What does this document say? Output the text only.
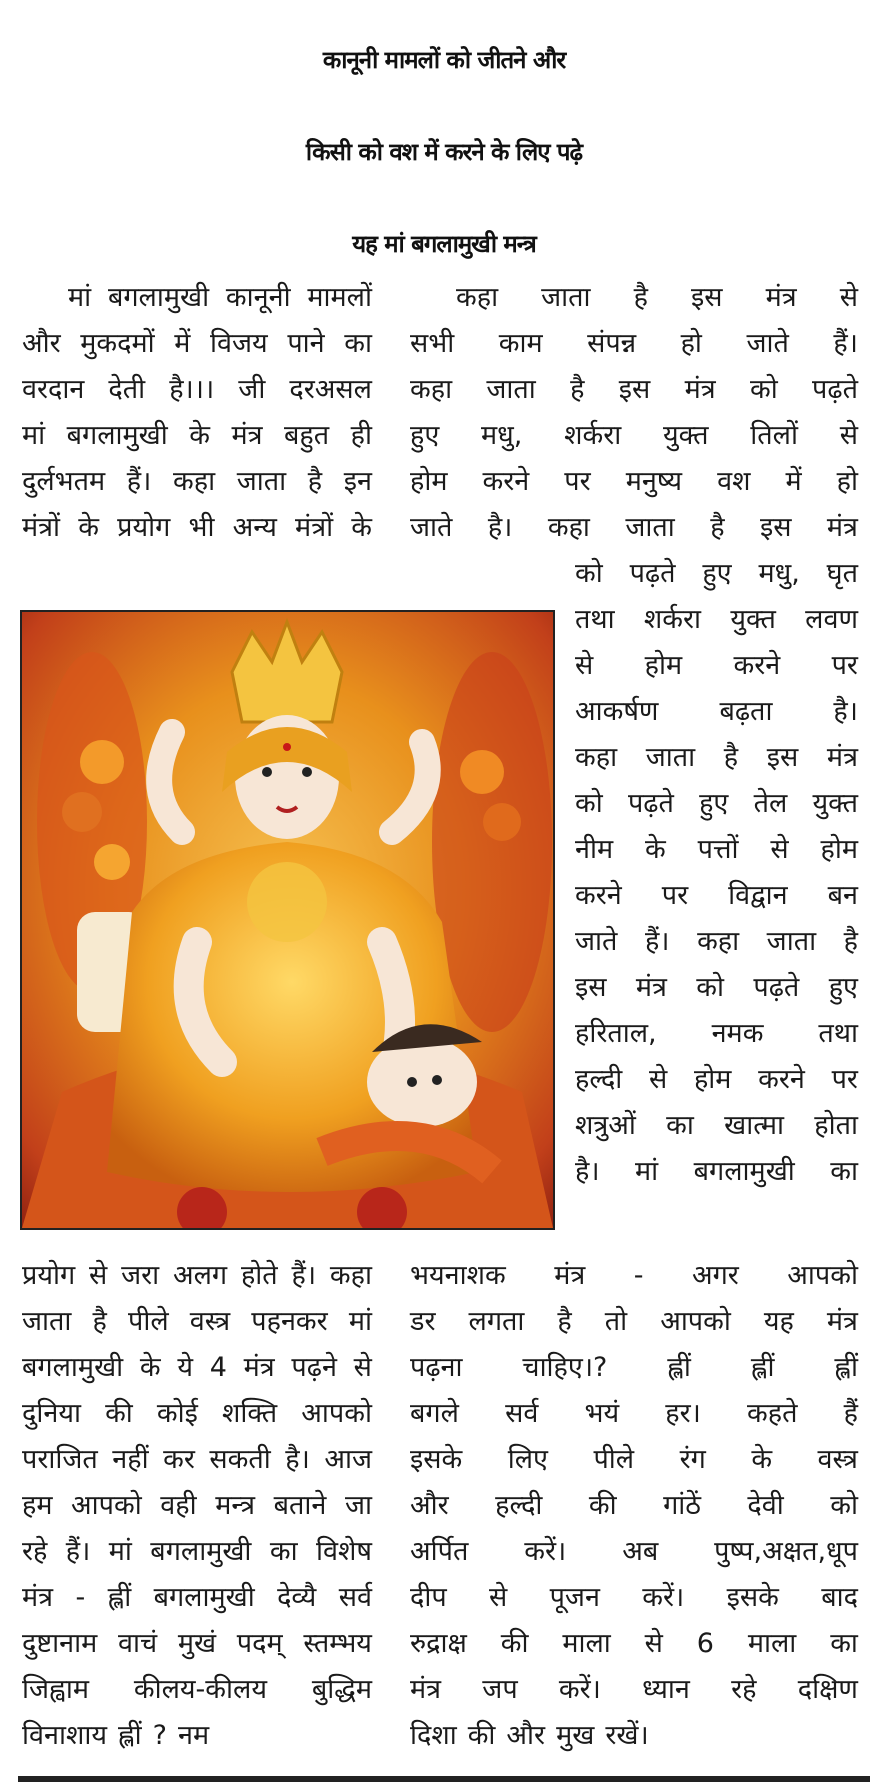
कानूनी मामलों को जीतने और
किसी को वश में करने के लिए पढ़े
यह मां बगलामुखी मन्त्र
मां बगलामुखी कानूनी मामलों
और मुकदमों में विजय पाने का
वरदान देती है।।। जी दरअसल
मां बगलामुखी के मंत्र बहुत ही
दुर्लभतम हैं। कहा जाता है इन
मंत्रों के प्रयोग भी अन्य मंत्रों के
प्रयोग से जरा अलग होते हैं। कहा
जाता है पीले वस्त्र पहनकर मां
बगलामुखी के ये 4 मंत्र पढ़ने से
दुनिया की कोई शक्ति आपको
पराजित नहीं कर सकती है। आज
हम आपको वही मन्त्र बताने जा
रहे हैं। मां बगलामुखी का विशेष
मंत्र - ह्लीं बगलामुखी देव्यै सर्व
दुष्टानाम वाचं मुखं पदम् स्तम्भय
जिह्वाम कीलय-कीलय बुद्धिम
विनाशाय ह्लीं ? नम
कहा जाता है इस मंत्र से
सभी काम संपन्न हो जाते हैं।
कहा जाता है इस मंत्र को पढ़ते
हुए मधु, शर्करा युक्त तिलों से
होम करने पर मनुष्य वश में हो
जाते है। कहा जाता है इस मंत्र
को पढ़ते हुए मधु, घृत
तथा शर्करा युक्त लवण
से होम करने पर
आकर्षण बढ़ता है।
कहा जाता है इस मंत्र
को पढ़ते हुए तेल युक्त
नीम के पत्तों से होम
करने पर विद्वान बन
जाते हैं। कहा जाता है
इस मंत्र को पढ़ते हुए
हरिताल, नमक तथा
हल्दी से होम करने पर
शत्रुओं का खात्मा होता
है। मां बगलामुखी का
भयनाशक मंत्र - अगर आपको
डर लगता है तो आपको यह मंत्र
पढ़ना चाहिए।? ह्लीं ह्लीं ह्लीं
बगले सर्व भयं हर। कहते हैं
इसके लिए पीले रंग के वस्त्र
और हल्दी की गांठें देवी को
अर्पित करें। अब पुष्प,अक्षत,धूप
दीप से पूजन करें। इसके बाद
रुद्राक्ष की माला से 6 माला का
मंत्र जप करें। ध्यान रहे दक्षिण
दिशा की और मुख रखें।
